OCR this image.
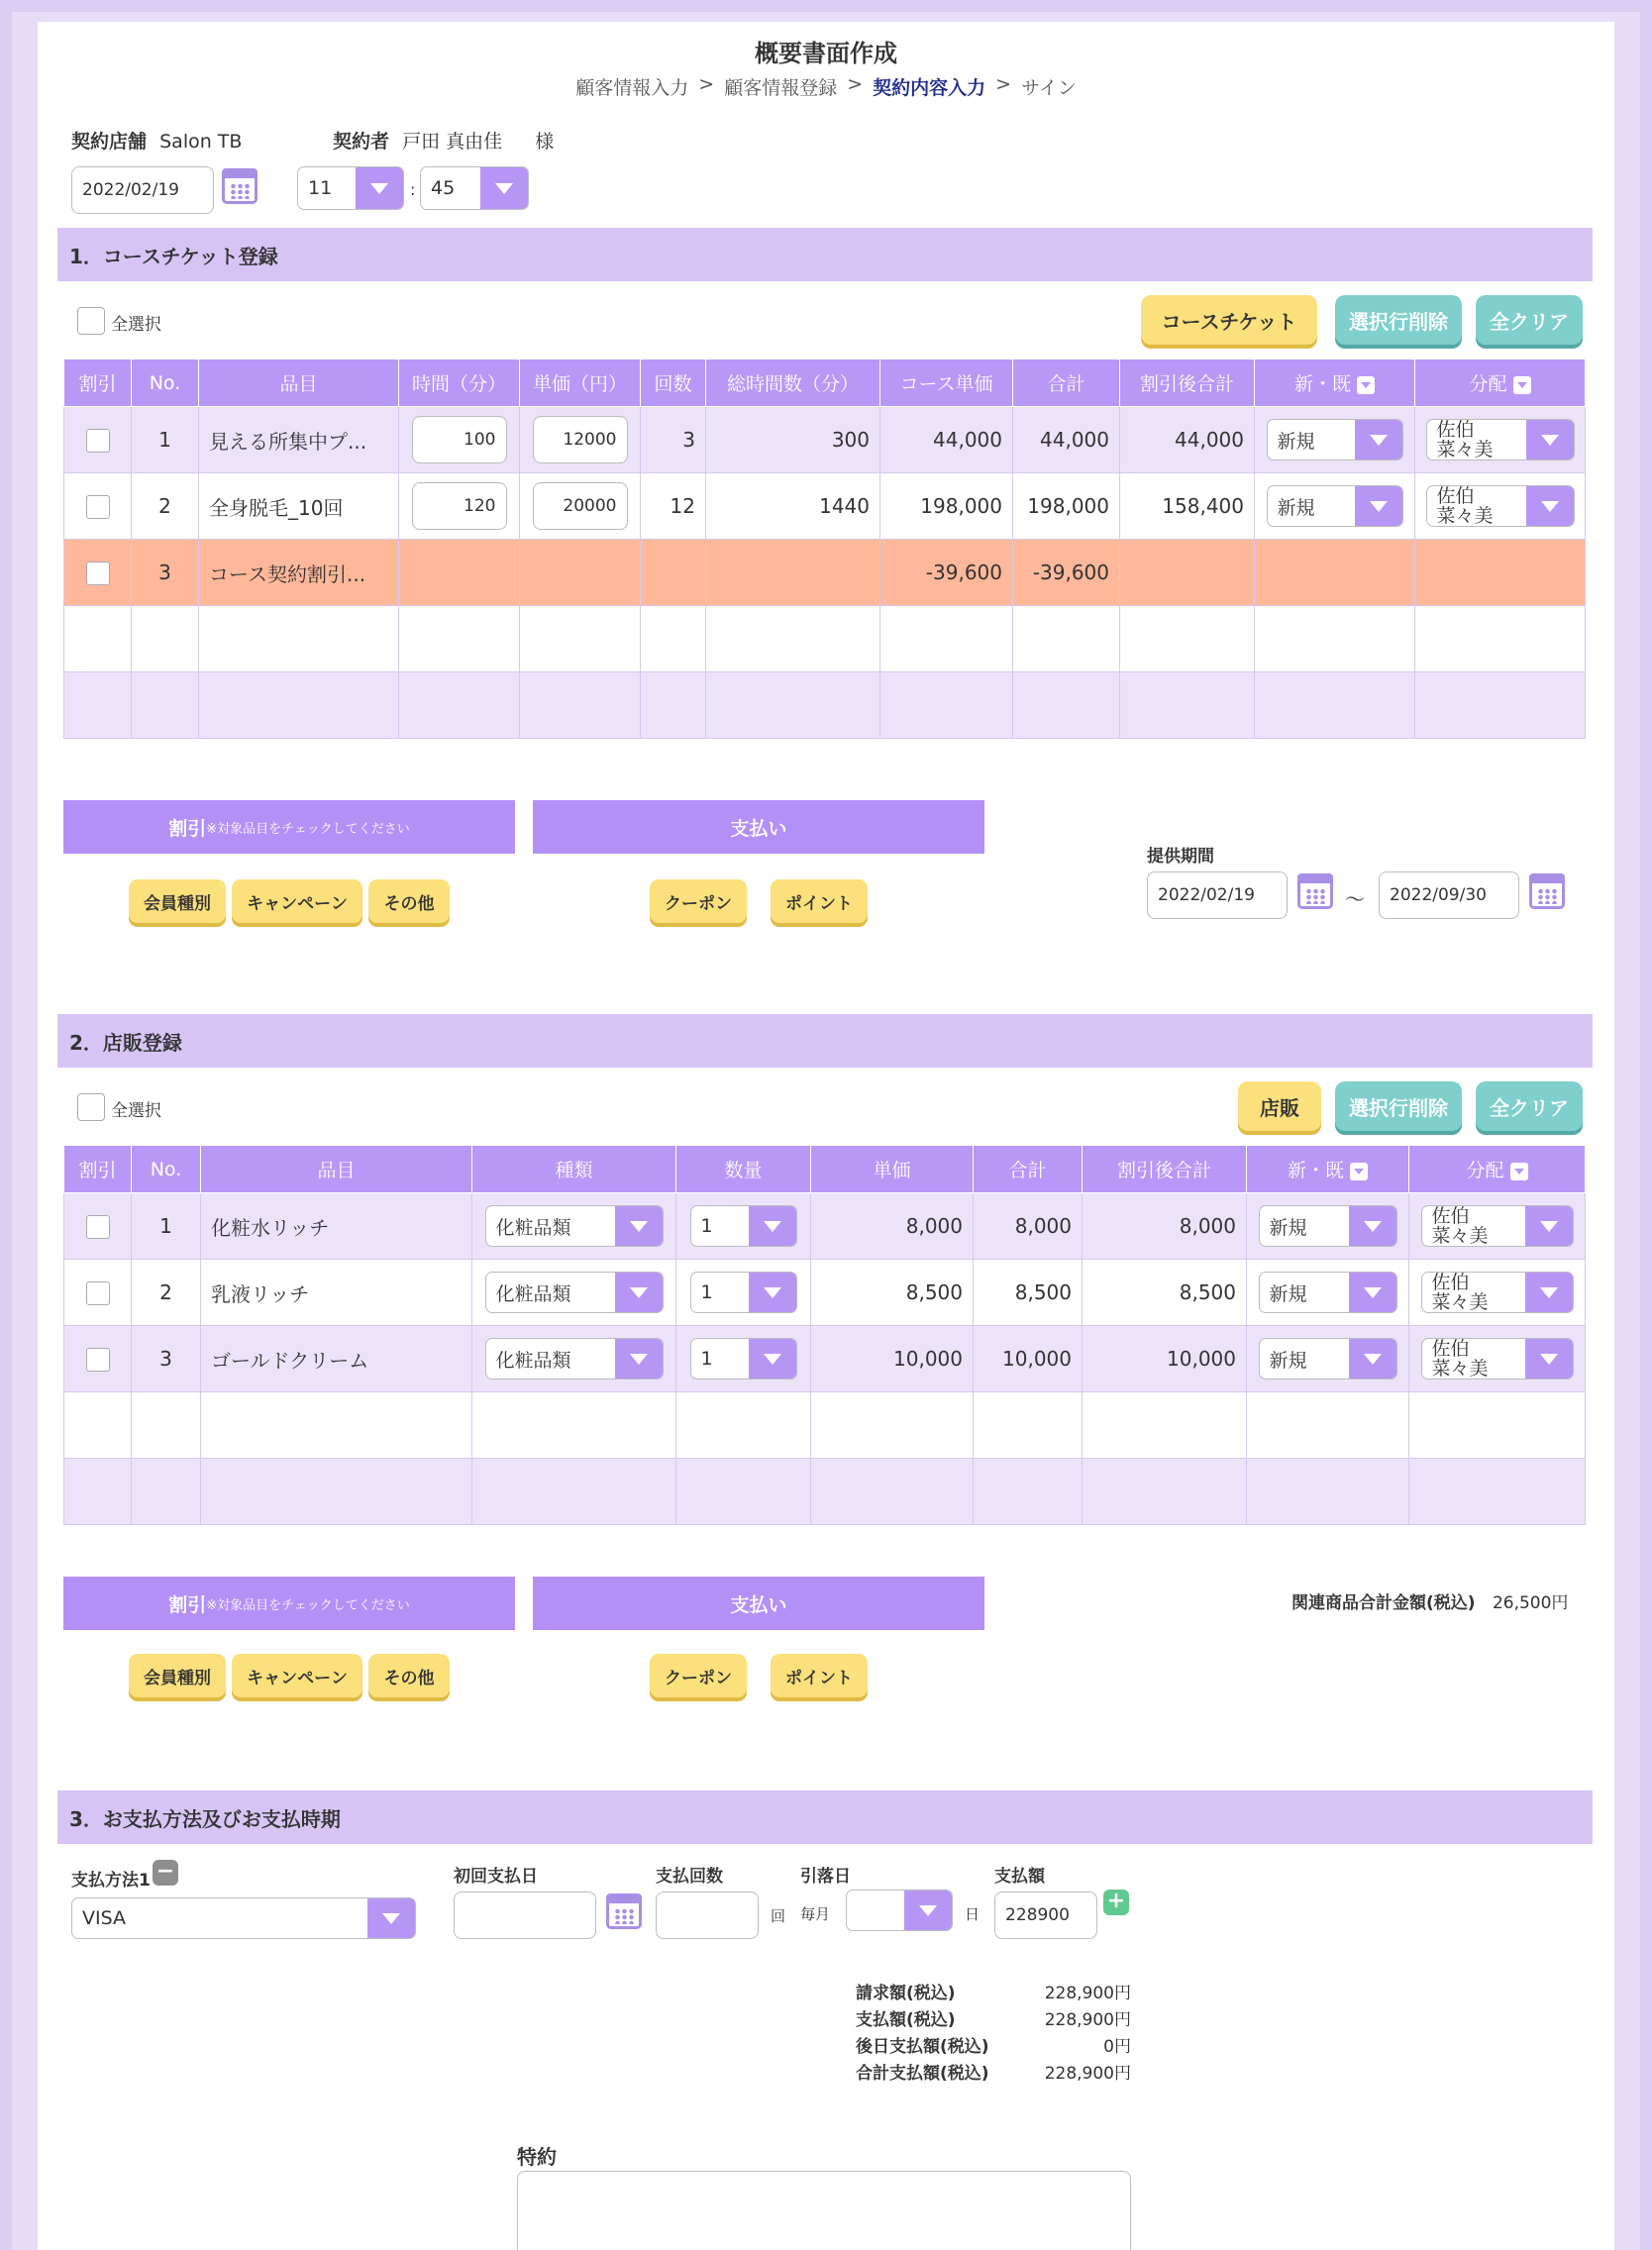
概要書面作成
顧客情報入力 > 顧客情報登録 > 契約内容入力 > サイン
契約店舗 Salon TB	契約者 戸田 真由佳 様
2022/02/19	11	: 45
1．コースチケット登録
全選択	コースチケット	選択行削除	全クリア
割引	No.	品目	時間（分）	単価（円）	回数	総時間数（分）	コース単価	合計	割引後合計	新・既	分配
	1	見える所集中プ...	100	12000	3	300	44,000	44,000	44,000	新規	佐伯
菜々美

	2	全身脱毛_10回	120	20000	12	1440	198,000	198,000	158,400	新規	佐伯
菜々美

	3	コース契約割引...					-39,600	-39,600			

割引 ※対象品目をチェックしてください	支払い
会員種別	キャンペーン	その他	クーポン	ポイント
提供期間
2022/02/19	～	2022/09/30
2．店販登録
全選択	店販	選択行削除	全クリア
割引	No.	品目	種類	数量	単価	合計	割引後合計	新・既	分配
	1	化粧水リッチ	化粧品類	1	8,000	8,000	8,000	新規	佐伯
菜々美

	2	乳液リッチ	化粧品類	1	8,500	8,500	8,500	新規	佐伯
菜々美

	3	ゴールドクリーム	化粧品類	1	10,000	10,000	10,000	新規	佐伯
菜々美

割引 ※対象品目をチェックしてください	支払い
会員種別	キャンペーン	その他	クーポン	ポイント
関連商品合計金額(税込) 26,500円
3．お支払方法及びお支払時期
支払方法1 −
VISA
初回支払日	支払回数
回
引落日
毎月	日
支払額
228900
+
請求額(税込)	228,900円
支払額(税込)	228,900円
後日支払額(税込)	0円
合計支払額(税込)	228,900円
特約
